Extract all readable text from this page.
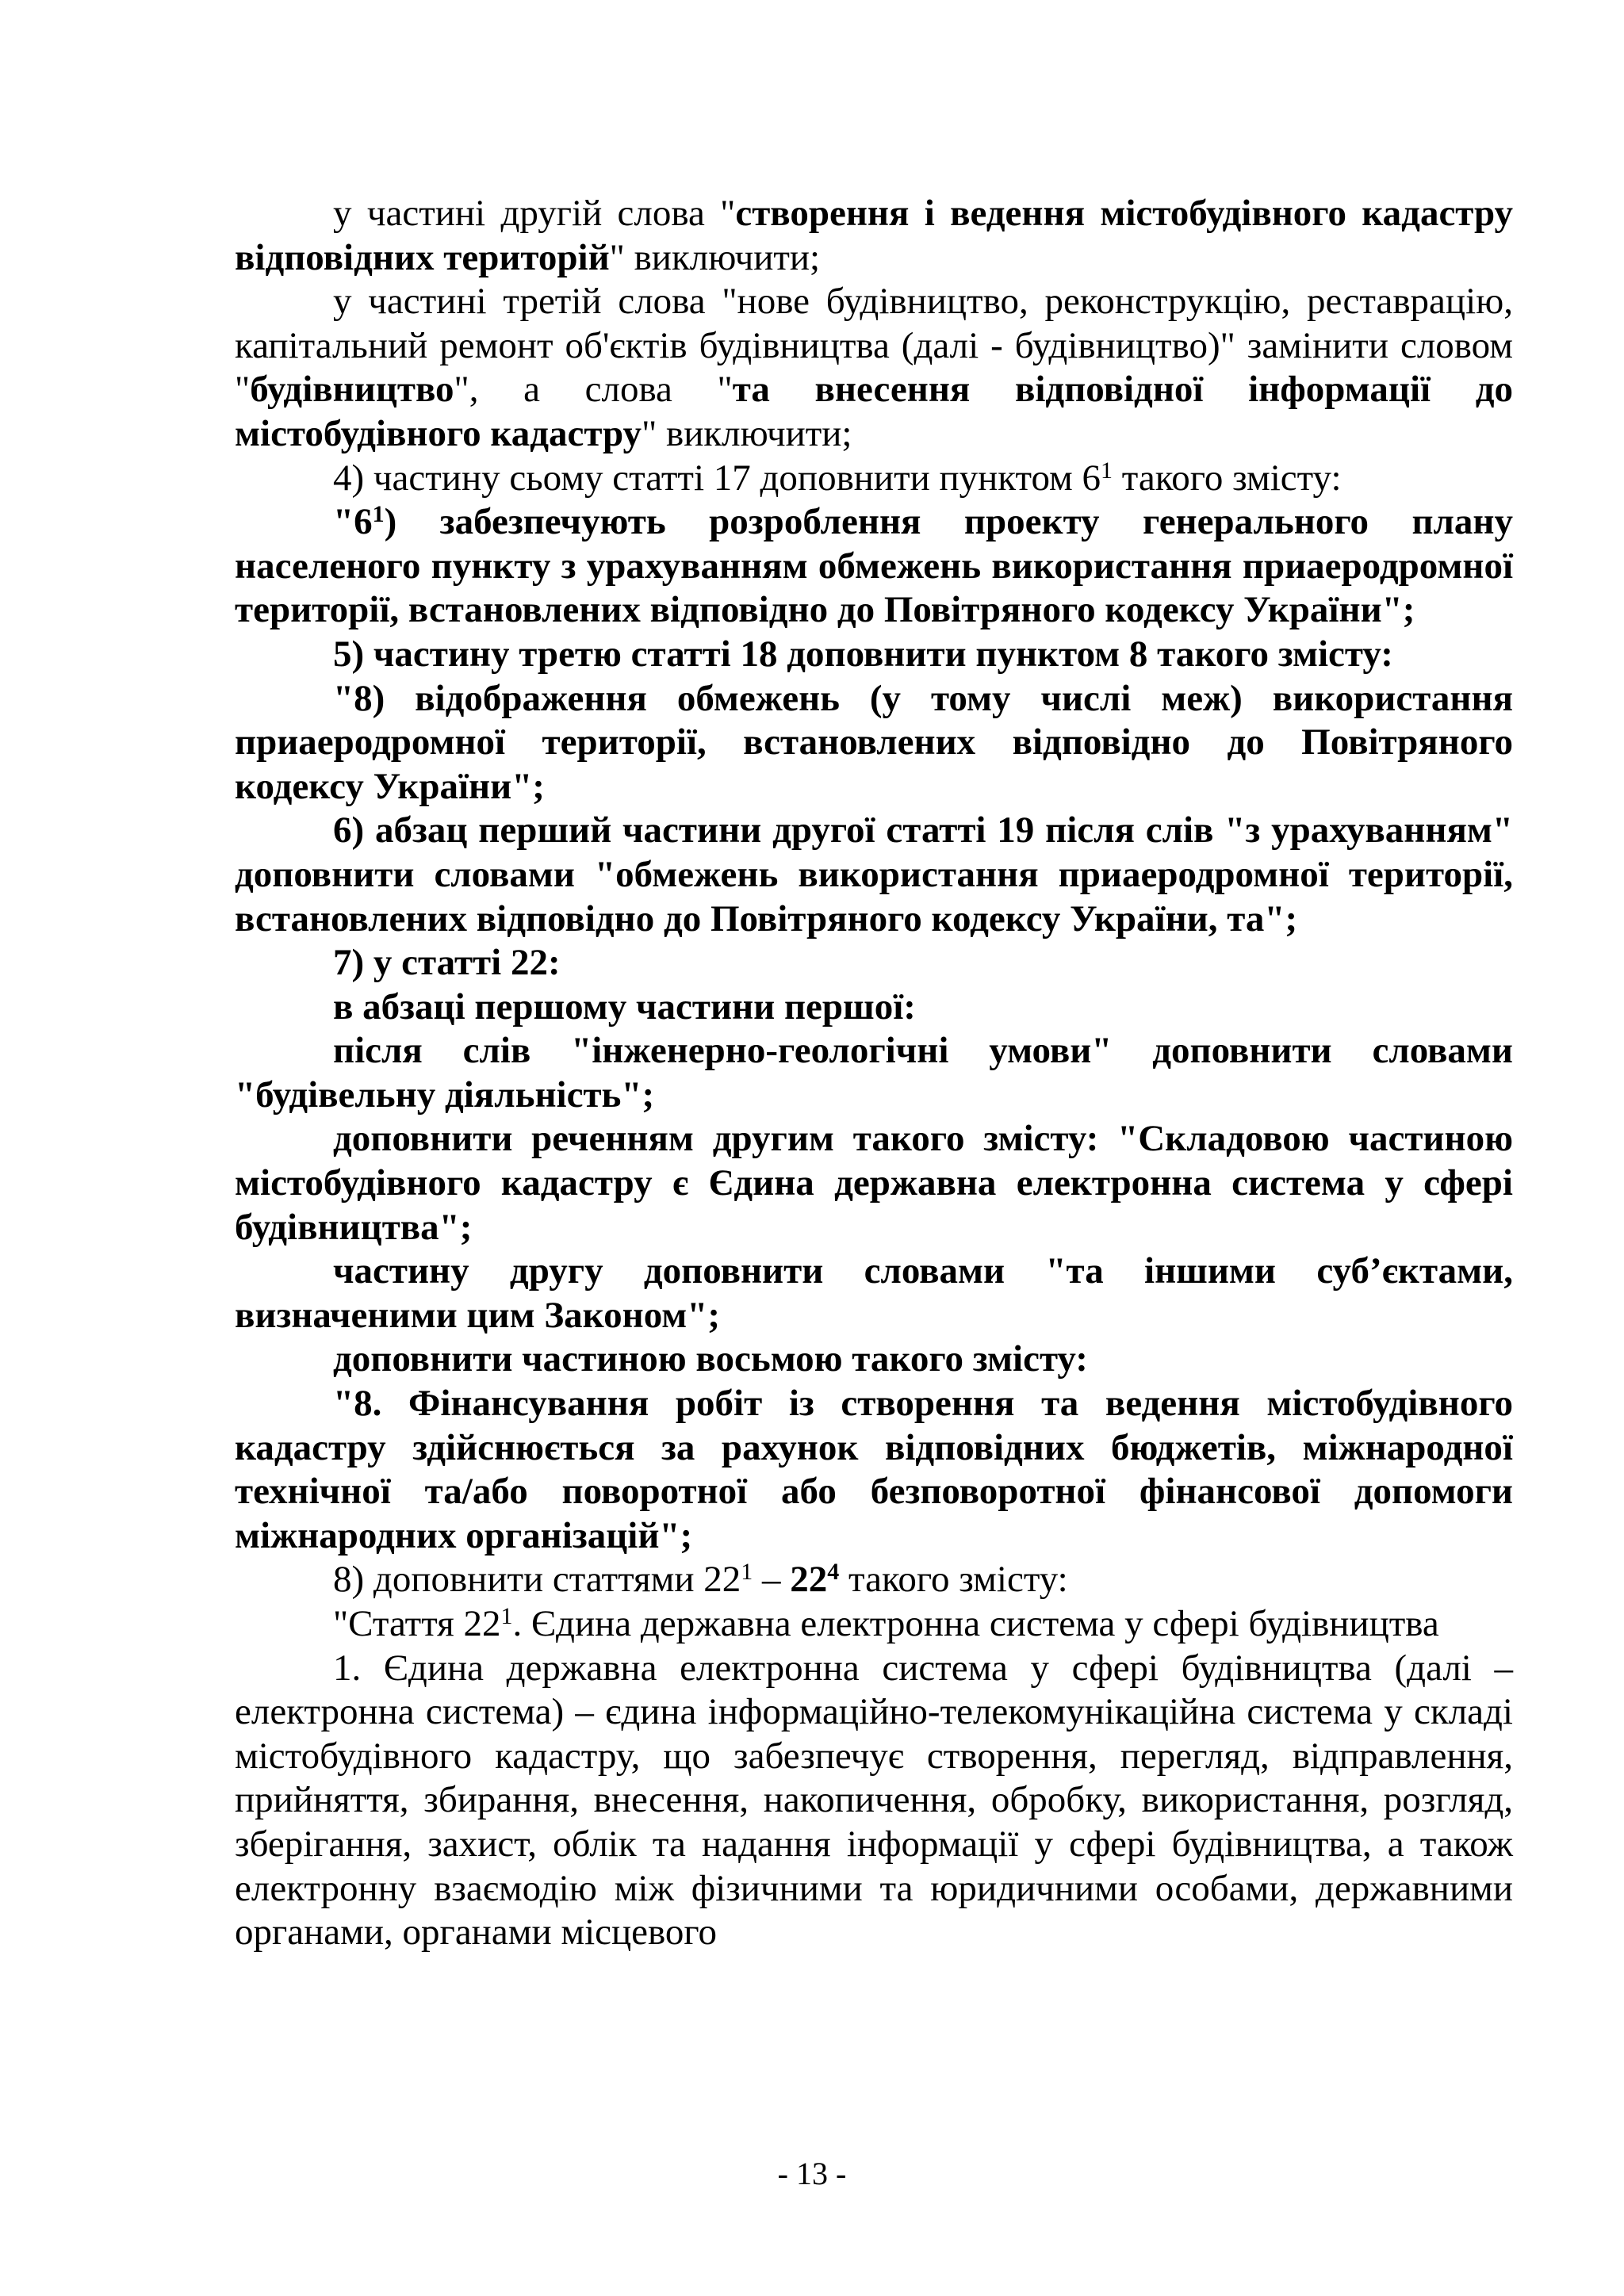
у частині другій слова "створення і ведення містобудівного кадастру відповідних територій" виключити;

у частині третій слова "нове будівництво, реконструкцію, реставрацію, капітальний ремонт об'єктів будівництва (далі - будівництво)" замінити словом "будівництво", а слова "та внесення відповідної інформації до містобудівного кадастру" виключити;

4) частину сьому статті 17 доповнити пунктом $6^1$ такого змісту:

"$6^1$) забезпечують розроблення проекту генерального плану населеного пункту з урахуванням обмежень використання приаеродромної території, встановлених відповідно до Повітряного кодексу України";

5) частину третю статті 18 доповнити пунктом 8 такого змісту:

"8) відображення обмежень (у тому числі меж) використання приаеродромної території, встановлених відповідно до Повітряного кодексу України";

6) абзац перший частини другої статті 19 після слів "з урахуванням" доповнити словами "обмежень використання приаеродромної території, встановлених відповідно до Повітряного кодексу України, та";

7) у статті 22:

в абзаці першому частини першої:

після слів "інженерно-геологічні умови" доповнити словами "будівельну діяльність";

доповнити реченням другим такого змісту: "Складовою частиною містобудівного кадастру є Єдина державна електронна система у сфері будівництва";

частину другу доповнити словами "та іншими суб’єктами, визначеними цим Законом";

доповнити частиною восьмою такого змісту:

"8. Фінансування робіт із створення та ведення містобудівного кадастру здійснюється за рахунок відповідних бюджетів, міжнародної технічної та/або поворотної або безповоротної фінансової допомоги міжнародних організацій";

8) доповнити статтями $22^1 - 22^4$ такого змісту:

"Стаття $22^1$. Єдина державна електронна система у сфері будівництва

1. Єдина державна електронна система у сфері будівництва (далі – електронна система) – єдина інформаційно-телекомунікаційна система у складі містобудівного кадастру, що забезпечує створення, перегляд, відправлення, прийняття, збирання, внесення, накопичення, обробку, використання, розгляд, зберігання, захист, облік та надання інформації у сфері будівництва, а також електронну взаємодію між фізичними та юридичними особами, державними органами, органами місцевого

- 13 -
